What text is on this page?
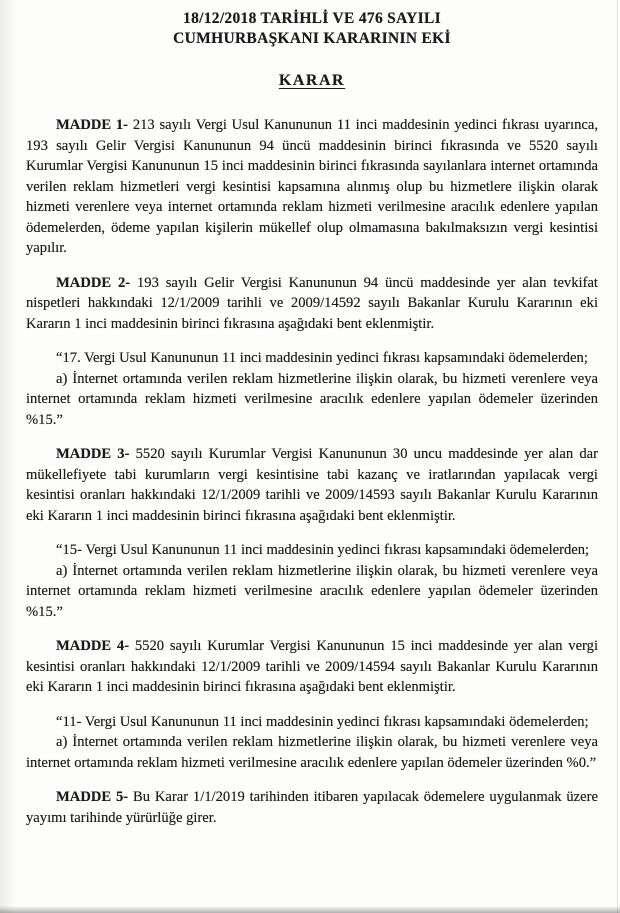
18/12/2018 TARİHLİ VE 476 SAYILI
CUMHURBAŞKANI KARARININ EKİ
KARAR

MADDE 1- 213 sayılı Vergi Usul Kanununun 11 inci maddesinin yedinci fıkrası uyarınca, 193 sayılı Gelir Vergisi Kanununun 94 üncü maddesinin birinci fıkrasında ve 5520 sayılı Kurumlar Vergisi Kanununun 15 inci maddesinin birinci fıkrasında sayılanlara internet ortamında verilen reklam hizmetleri vergi kesintisi kapsamına alınmış olup bu hizmetlere ilişkin olarak hizmeti verenlere veya internet ortamında reklam hizmeti verilmesine aracılık edenlere yapılan ödemelerden, ödeme yapılan kişilerin mükellef olup olmamasına bakılmaksızın vergi kesintisi yapılır.

MADDE 2- 193 sayılı Gelir Vergisi Kanununun 94 üncü maddesinde yer alan tevkifat nispetleri hakkındaki 12/1/2009 tarihli ve 2009/14592 sayılı Bakanlar Kurulu Kararının eki Kararın 1 inci maddesinin birinci fıkrasına aşağıdaki bent eklenmiştir.

“17. Vergi Usul Kanununun 11 inci maddesinin yedinci fıkrası kapsamındaki ödemelerden;

a) İnternet ortamında verilen reklam hizmetlerine ilişkin olarak, bu hizmeti verenlere veya internet ortamında reklam hizmeti verilmesine aracılık edenlere yapılan ödemeler üzerinden %15.”

MADDE 3- 5520 sayılı Kurumlar Vergisi Kanununun 30 uncu maddesinde yer alan dar mükellefiyete tabi kurumların vergi kesintisine tabi kazanç ve iratlarından yapılacak vergi kesintisi oranları hakkındaki 12/1/2009 tarihli ve 2009/14593 sayılı Bakanlar Kurulu Kararının eki Kararın 1 inci maddesinin birinci fıkrasına aşağıdaki bent eklenmiştir.

“15- Vergi Usul Kanununun 11 inci maddesinin yedinci fıkrası kapsamındaki ödemelerden;

a) İnternet ortamında verilen reklam hizmetlerine ilişkin olarak, bu hizmeti verenlere veya internet ortamında reklam hizmeti verilmesine aracılık edenlere yapılan ödemeler üzerinden %15.”

MADDE 4- 5520 sayılı Kurumlar Vergisi Kanununun 15 inci maddesinde yer alan vergi kesintisi oranları hakkındaki 12/1/2009 tarihli ve 2009/14594 sayılı Bakanlar Kurulu Kararının eki Kararın 1 inci maddesinin birinci fıkrasına aşağıdaki bent eklenmiştir.

“11- Vergi Usul Kanununun 11 inci maddesinin yedinci fıkrası kapsamındaki ödemelerden;

a) İnternet ortamında verilen reklam hizmetlerine ilişkin olarak, bu hizmeti verenlere veya internet ortamında reklam hizmeti verilmesine aracılık edenlere yapılan ödemeler üzerinden %0.”

MADDE 5- Bu Karar 1/1/2019 tarihinden itibaren yapılacak ödemelere uygulanmak üzere yayımı tarihinde yürürlüğe girer.
